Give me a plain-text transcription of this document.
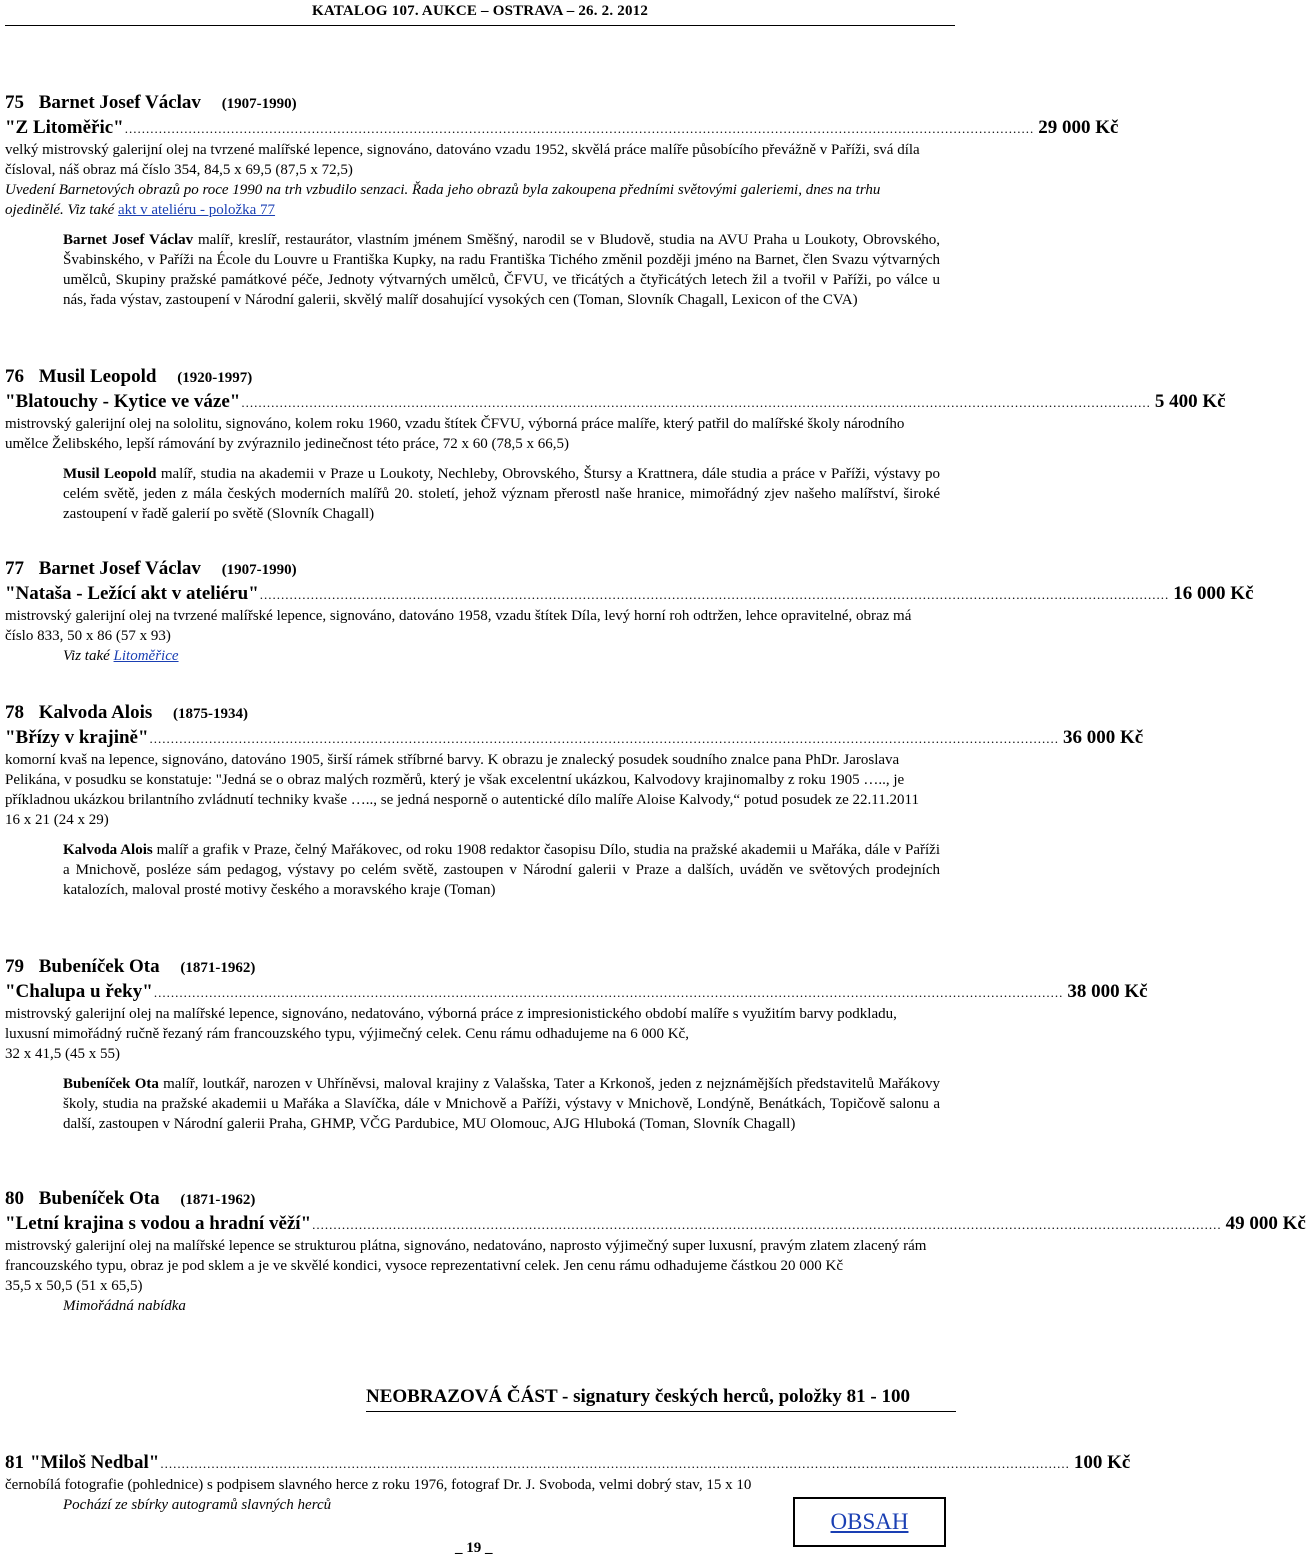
KATALOG 107. AUKCE – OSTRAVA – 26. 2. 2012
75 Barnet Josef Václav (1907-1990)
"Z Litoměřic" ...................................................................................................................................................................................................................... 29 000 Kč

velký mistrovský galerijní olej na tvrzené malířské lepence, signováno, datováno vzadu 1952, skvělá práce malíře působícího převážně v Paříži, svá díla čísloval, náš obraz má číslo 354, 84,5 x 69,5 (87,5 x 72,5)

Uvedení Barnetových obrazů po roce 1990 na trh vzbudilo senzaci. Řada jeho obrazů byla zakoupena předními světovými galeriemi, dnes na trhu ojedinělé. Viz také akt v ateliéru - položka 77

Barnet Josef Václav malíř, kreslíř, restaurátor, vlastním jménem Směšný, narodil se v Bludově, studia na AVU Praha u Loukoty, Obrovského, Švabinského, v Paříži na École du Louvre u Františka Kupky, na radu Františka Tichého změnil později jméno na Barnet, člen Svazu výtvarných umělců, Skupiny pražské památkové péče, Jednoty výtvarných umělců, ČFVU, ve třicátých a čtyřicátých letech žil a tvořil v Paříži, po válce u nás, řada výstav, zastoupení v Národní galerii, skvělý malíř dosahující vysokých cen (Toman, Slovník Chagall, Lexicon of the CVA)

76 Musil Leopold (1920-1997)
"Blatouchy - Kytice ve váze" ...................................................................................................................................................................................................................... 5 400 Kč

mistrovský galerijní olej na sololitu, signováno, kolem roku 1960, vzadu štítek ČFVU, výborná práce malíře, který patřil do malířské školy národního umělce Želibského, lepší rámování by zvýraznilo jedinečnost této práce, 72 x 60 (78,5 x 66,5)

Musil Leopold malíř, studia na akademii v Praze u Loukoty, Nechleby, Obrovského, Štursy a Krattnera, dále studia a práce v Paříži, výstavy po celém světě, jeden z mála českých moderních malířů 20. století, jehož význam přerostl naše hranice, mimořádný zjev našeho malířství, široké zastoupení v řadě galerií po světě (Slovník Chagall)

77 Barnet Josef Václav (1907-1990)
"Nataša - Ležící akt v ateliéru" ...................................................................................................................................................................................................................... 16 000 Kč

mistrovský galerijní olej na tvrzené malířské lepence, signováno, datováno 1958, vzadu štítek Díla, levý horní roh odtržen, lehce opravitelné, obraz má číslo 833, 50 x 86 (57 x 93)

Viz také Litoměřice

78 Kalvoda Alois (1875-1934)
"Břízy v krajině" ...................................................................................................................................................................................................................... 36 000 Kč

komorní kvaš na lepence, signováno, datováno 1905, širší rámek stříbrné barvy. K obrazu je znalecký posudek soudního znalce pana PhDr. Jaroslava Pelikána, v posudku se konstatuje: "Jedná se o obraz malých rozměrů, který je však excelentní ukázkou, Kalvodovy krajinomalby z roku 1905 ….., je příkladnou ukázkou brilantního zvládnutí techniky kvaše ….., se jedná nesporně o autentické dílo malíře Aloise Kalvody,“ potud posudek ze 22.11.2011

16 x 21 (24 x 29)

Kalvoda Alois malíř a grafik v Praze, čelný Mařákovec, od roku 1908 redaktor časopisu Dílo, studia na pražské akademii u Mařáka, dále v Paříži a Mnichově, posléze sám pedagog, výstavy po celém světě, zastoupen v Národní galerii v Praze a dalších, uváděn ve světových prodejních katalozích, maloval prosté motivy českého a moravského kraje (Toman)

79 Bubeníček Ota (1871-1962)
"Chalupa u řeky" ...................................................................................................................................................................................................................... 38 000 Kč

mistrovský galerijní olej na malířské lepence, signováno, nedatováno, výborná práce z impresionistického období malíře s využitím barvy podkladu, luxusní mimořádný ručně řezaný rám francouzského typu, výjimečný celek. Cenu rámu odhadujeme na 6 000 Kč,

32 x 41,5 (45 x 55)

Bubeníček Ota malíř, loutkář, narozen v Uhříněvsi, maloval krajiny z Valašska, Tater a Krkonoš, jeden z nejznámějších představitelů Mařákovy školy, studia na pražské akademii u Mařáka a Slavíčka, dále v Mnichově a Paříži, výstavy v Mnichově, Londýně, Benátkách, Topičově salonu a další, zastoupen v Národní galerii Praha, GHMP, VČG Pardubice, MU Olomouc, AJG Hluboká (Toman, Slovník Chagall)

80 Bubeníček Ota (1871-1962)
"Letní krajina s vodou a hradní věží" ...................................................................................................................................................................................................................... 49 000 Kč

mistrovský galerijní olej na malířské lepence se strukturou plátna, signováno, nedatováno, naprosto výjimečný super luxusní, pravým zlatem zlacený rám francouzského typu, obraz je pod sklem a je ve skvělé kondici, vysoce reprezentativní celek. Jen cenu rámu odhadujeme částkou 20 000 Kč

35,5 x 50,5 (51 x 65,5)

Mimořádná nabídka

NEOBRAZOVÁ ČÁST - signatury českých herců, položky 81 - 100
81 "Miloš Nedbal" ...................................................................................................................................................................................................................... 100 Kč

černobílá fotografie (pohlednice) s podpisem slavného herce z roku 1976, fotograf Dr. J. Svoboda, velmi dobrý stav, 15 x 10

Pochází ze sbírky autogramů slavných herců

_ 19 _
OBSAH
